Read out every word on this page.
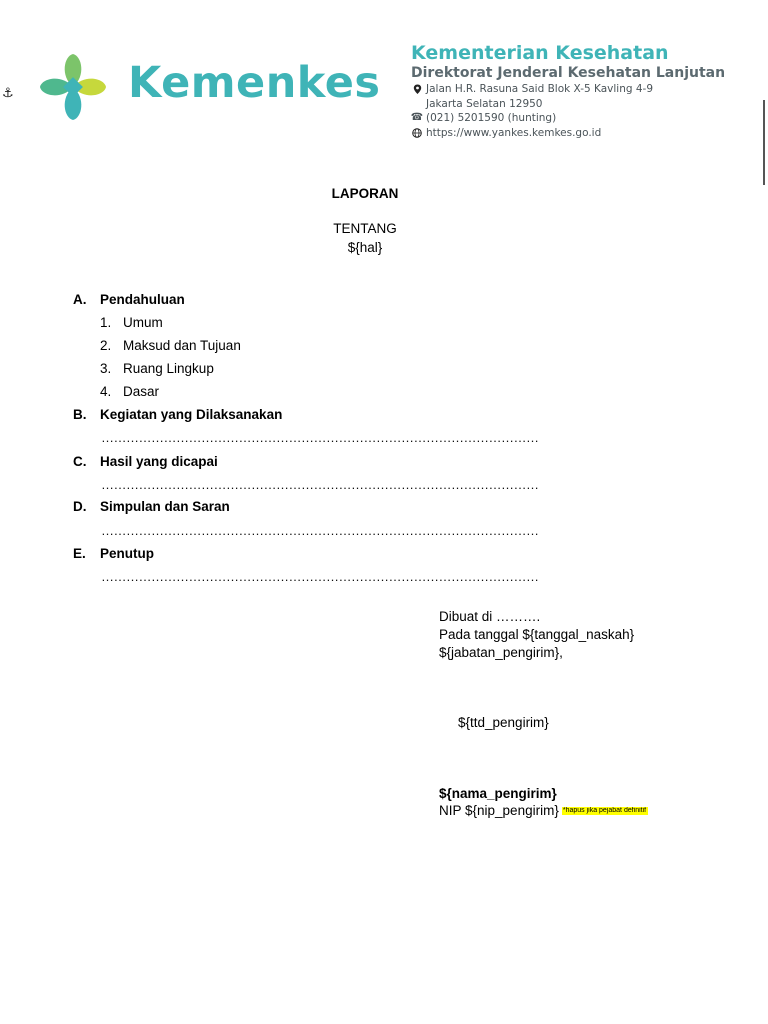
⚓	Kemenkes
Kementerian Kesehatan
Direktorat Jenderal Kesehatan Lanjutan
Jalan H.R. Rasuna Said Blok X-5 Kavling 4-9
Jakarta Selatan 12950
☎ (021) 5201590 (hunting)
https://www.yankes.kemkes.go.id
LAPORAN
TENTANG
${hal}
A. Pendahuluan
1. Umum
2. Maksud dan Tujuan
3. Ruang Lingkup
4. Dasar
B. Kegiatan yang Dilaksanakan
……………………………………………………………………………………………
C. Hasil yang dicapai
……………………………………………………………………………………………
D. Simpulan dan Saran
……………………………………………………………………………………………
E. Penutup
……………………………………………………………………………………………
Dibuat di ……….
Pada tanggal ${tanggal_naskah}
${jabatan_pengirim},
${ttd_pengirim}
${nama_pengirim}
NIP ${nip_pengirim} *hapus jika pejabat definitif
